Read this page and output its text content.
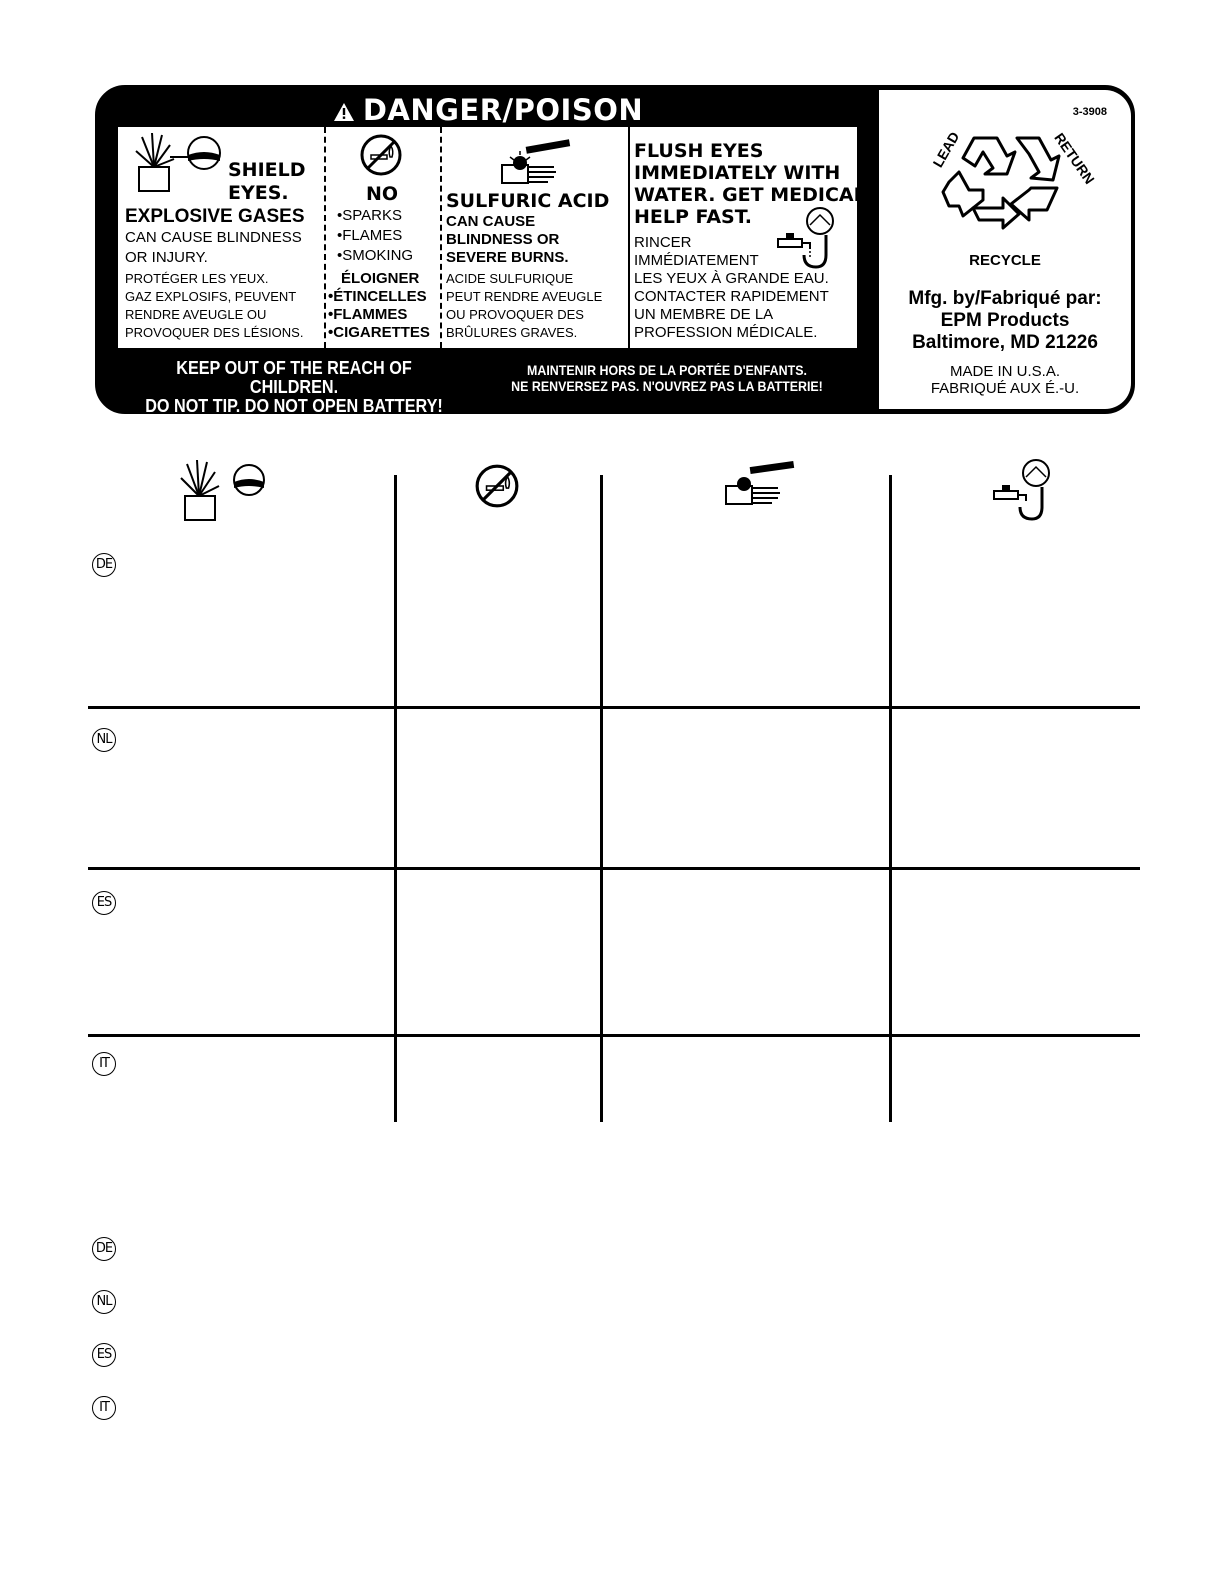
DANGER/POISON
SHIELD
EYES.
EXPLOSIVE GASES
CAN CAUSE BLINDNESS
OR INJURY.
PROTÉGER LES YEUX.
GAZ EXPLOSIFS, PEUVENT
RENDRE AVEUGLE OU
PROVOQUER DES LÉSIONS.
NO
•SPARKS
•FLAMES
•SMOKING
ÉLOIGNER
•ÉTINCELLES
•FLAMMES
•CIGARETTES
SULFURIC ACID
CAN CAUSE
BLINDNESS OR
SEVERE BURNS.
ACIDE SULFURIQUE
PEUT RENDRE AVEUGLE
OU PROVOQUER DES
BRÛLURES GRAVES.
FLUSH EYES
IMMEDIATELY WITH
WATER. GET MEDICAL
HELP FAST.
RINCER
IMMÉDIATEMENT
LES YEUX À GRANDE EAU.
CONTACTER RAPIDEMENT
UN MEMBRE DE LA
PROFESSION MÉDICALE.
KEEP OUT OF THE REACH OF CHILDREN.
DO NOT TIP. DO NOT OPEN BATTERY!
MAINTENIR HORS DE LA PORTÉE D'ENFANTS.
NE RENVERSEZ PAS. N'OUVREZ PAS LA BATTERIE!
3-3908
LEAD	RETURN
RECYCLE
Mfg. by/Fabriqué par:
EPM Products
Baltimore, MD 21226
MADE IN U.S.A.
FABRIQUÉ AUX É.-U.
DE
NL
ES
IT
DE
NL
ES
IT
